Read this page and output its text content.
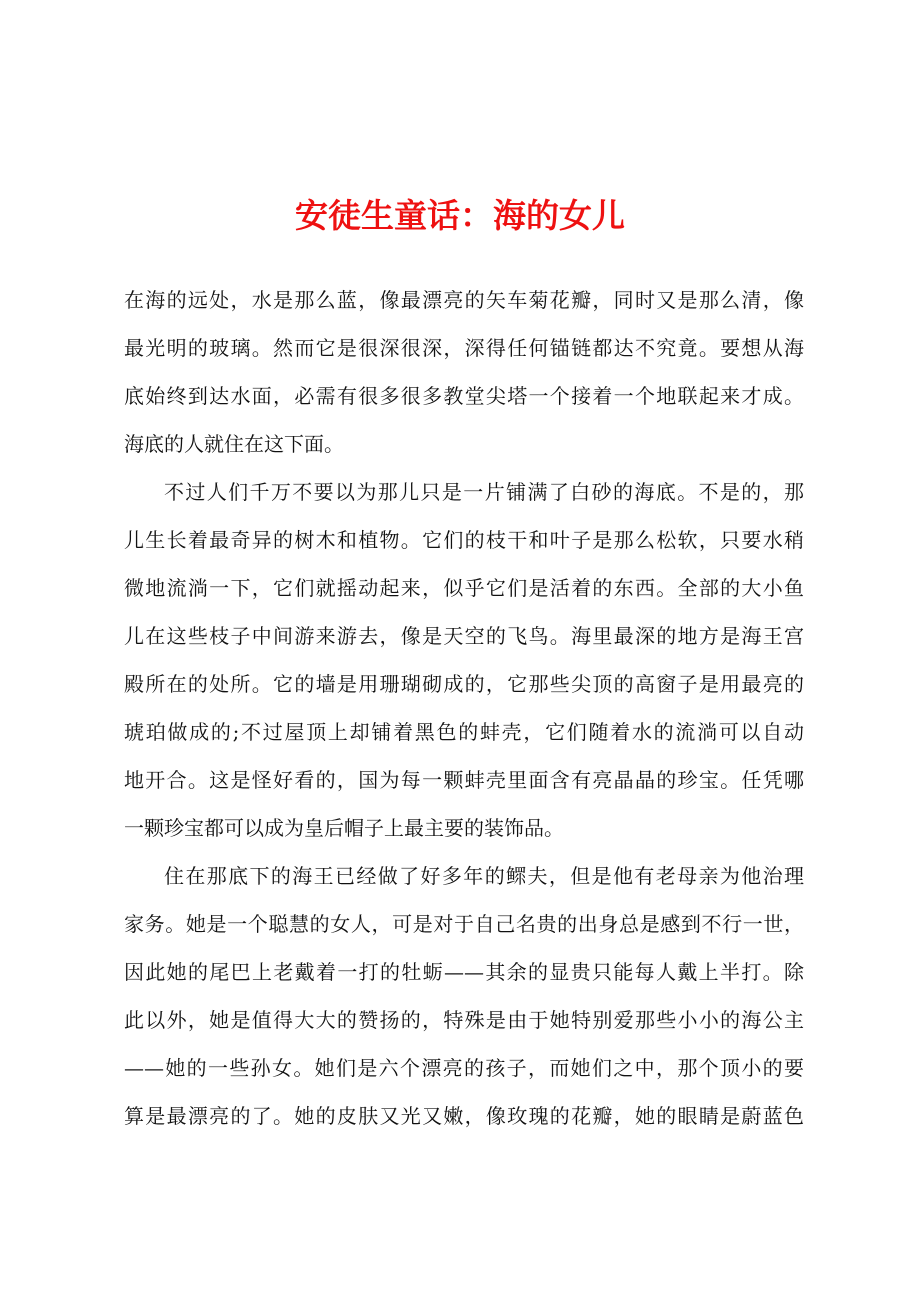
安徒生童话：海的女儿

在海的远处，水是那么蓝，像最漂亮的矢车菊花瓣，同时又是那么清，像
最光明的玻璃。然而它是很深很深，深得任何锚链都达不究竟。要想从海
底始终到达水面，必需有很多很多教堂尖塔一个接着一个地联起来才成。
海底的人就住在这下面。

不过人们千万不要以为那儿只是一片铺满了白砂的海底。不是的，那
儿生长着最奇异的树木和植物。它们的枝干和叶子是那么松软，只要水稍
微地流淌一下，它们就摇动起来，似乎它们是活着的东西。全部的大小鱼
儿在这些枝子中间游来游去，像是天空的飞鸟。海里最深的地方是海王宫
殿所在的处所。它的墙是用珊瑚砌成的，它那些尖顶的高窗子是用最亮的
琥珀做成的;不过屋顶上却铺着黑色的蚌壳，它们随着水的流淌可以自动
地开合。这是怪好看的，国为每一颗蚌壳里面含有亮晶晶的珍宝。任凭哪
一颗珍宝都可以成为皇后帽子上最主要的装饰品。

住在那底下的海王已经做了好多年的鳏夫，但是他有老母亲为他治理
家务。她是一个聪慧的女人，可是对于自己名贵的出身总是感到不行一世，
因此她的尾巴上老戴着一打的牡蛎——其余的显贵只能每人戴上半打。除
此以外，她是值得大大的赞扬的，特殊是由于她特别爱那些小小的海公主
——她的一些孙女。她们是六个漂亮的孩子，而她们之中，那个顶小的要
算是最漂亮的了。她的皮肤又光又嫩，像玫瑰的花瓣，她的眼睛是蔚蓝色
